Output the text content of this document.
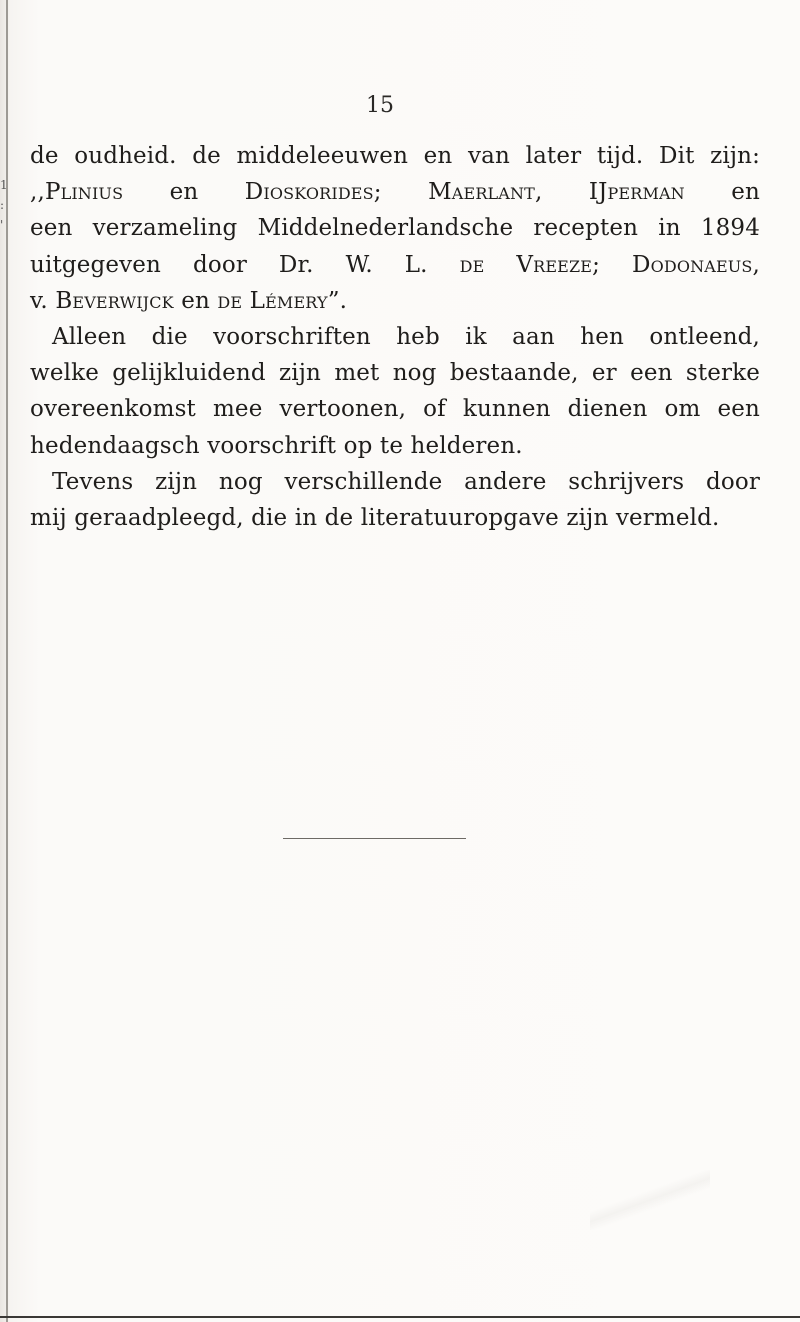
1
:
'
15
de oudheid. de middeleeuwen en van later tijd. Dit zijn:
,,Plinius en Dioskorides; Maerlant, IJperman en
een verzameling Middelnederlandsche recepten in 1894
uitgegeven door Dr. W. L. de Vreeze; Dodonaeus,
v. Beverwijck en de Lémery”.
Alleen die voorschriften heb ik aan hen ontleend,
welke gelijkluidend zijn met nog bestaande, er een sterke
overeenkomst mee vertoonen, of kunnen dienen om een
hedendaagsch voorschrift op te helderen.
Tevens zijn nog verschillende andere schrijvers door
mij geraadpleegd, die in de literatuuropgave zijn vermeld.
